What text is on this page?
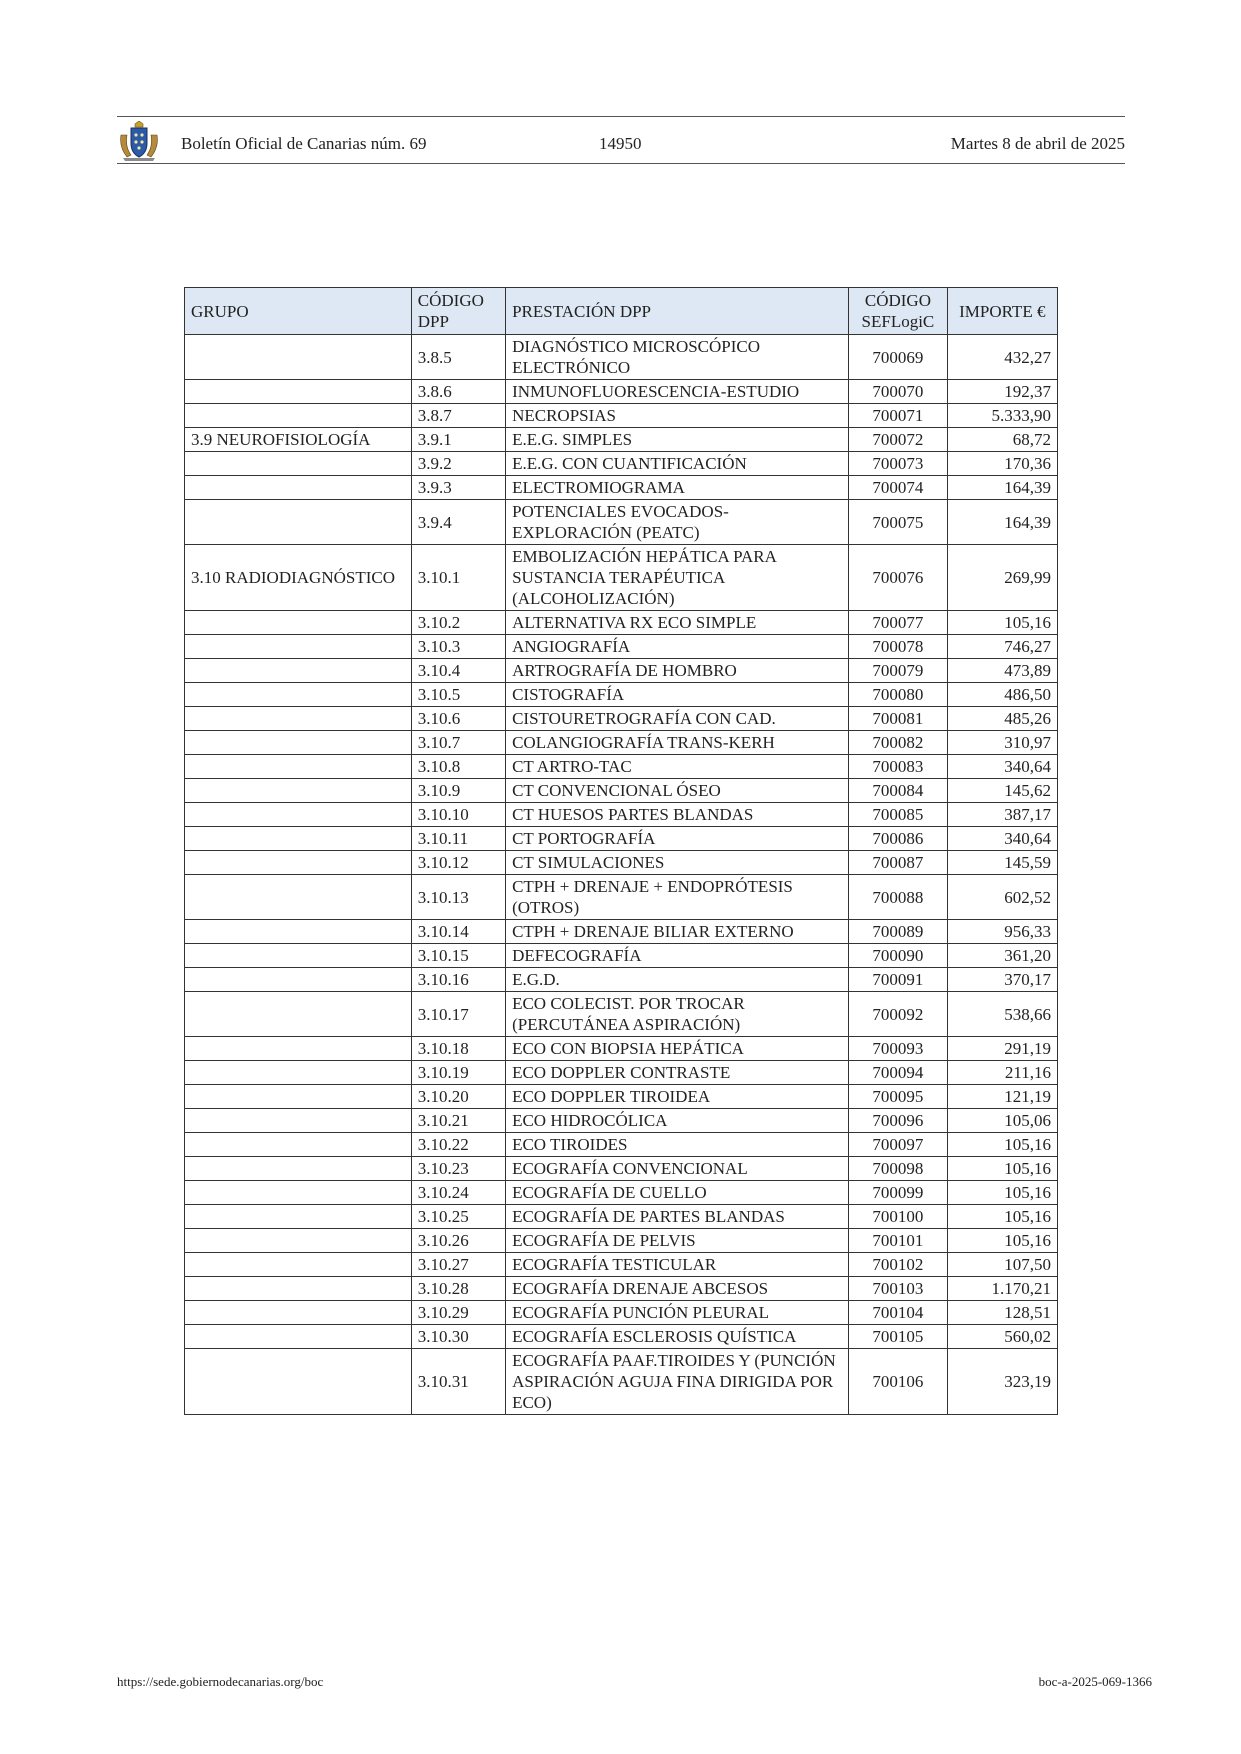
Boletín Oficial de Canarias núm. 69	14950	Martes 8 de abril de 2025
GRUPO	CÓDIGO DPP	PRESTACIÓN DPP	CÓDIGO SEFLogiC	IMPORTE €
	3.8.5	DIAGNÓSTICO MICROSCÓPICO ELECTRÓNICO	700069	432,27
	3.8.6	INMUNOFLUORESCENCIA-ESTUDIO	700070	192,37
	3.8.7	NECROPSIAS	700071	5.333,90
3.9 NEUROFISIOLOGÍA	3.9.1	E.E.G. SIMPLES	700072	68,72
	3.9.2	E.E.G. CON CUANTIFICACIÓN	700073	170,36
	3.9.3	ELECTROMIOGRAMA	700074	164,39
	3.9.4	POTENCIALES EVOCADOS-EXPLORACIÓN (PEATC)	700075	164,39
3.10 RADIODIAGNÓSTICO	3.10.1	EMBOLIZACIÓN HEPÁTICA PARA SUSTANCIA TERAPÉUTICA (ALCOHOLIZACIÓN)	700076	269,99
	3.10.2	ALTERNATIVA RX ECO SIMPLE	700077	105,16
	3.10.3	ANGIOGRAFÍA	700078	746,27
	3.10.4	ARTROGRAFÍA DE HOMBRO	700079	473,89
	3.10.5	CISTOGRAFÍA	700080	486,50
	3.10.6	CISTOURETROGRAFÍA CON CAD.	700081	485,26
	3.10.7	COLANGIOGRAFÍA TRANS-KERH	700082	310,97
	3.10.8	CT ARTRO-TAC	700083	340,64
	3.10.9	CT CONVENCIONAL ÓSEO	700084	145,62
	3.10.10	CT HUESOS PARTES BLANDAS	700085	387,17
	3.10.11	CT PORTOGRAFÍA	700086	340,64
	3.10.12	CT SIMULACIONES	700087	145,59
	3.10.13	CTPH + DRENAJE + ENDOPRÓTESIS (OTROS)	700088	602,52
	3.10.14	CTPH + DRENAJE BILIAR EXTERNO	700089	956,33
	3.10.15	DEFECOGRAFÍA	700090	361,20
	3.10.16	E.G.D.	700091	370,17
	3.10.17	ECO COLECIST. POR TROCAR (PERCUTÁNEA ASPIRACIÓN)	700092	538,66
	3.10.18	ECO CON BIOPSIA HEPÁTICA	700093	291,19
	3.10.19	ECO DOPPLER CONTRASTE	700094	211,16
	3.10.20	ECO DOPPLER TIROIDEA	700095	121,19
	3.10.21	ECO HIDROCÓLICA	700096	105,06
	3.10.22	ECO TIROIDES	700097	105,16
	3.10.23	ECOGRAFÍA CONVENCIONAL	700098	105,16
	3.10.24	ECOGRAFÍA DE CUELLO	700099	105,16
	3.10.25	ECOGRAFÍA DE PARTES BLANDAS	700100	105,16
	3.10.26	ECOGRAFÍA DE PELVIS	700101	105,16
	3.10.27	ECOGRAFÍA TESTICULAR	700102	107,50
	3.10.28	ECOGRAFÍA DRENAJE ABCESOS	700103	1.170,21
	3.10.29	ECOGRAFÍA PUNCIÓN PLEURAL	700104	128,51
	3.10.30	ECOGRAFÍA ESCLEROSIS QUÍSTICA	700105	560,02
	3.10.31	ECOGRAFÍA PAAF.TIROIDES Y (PUNCIÓN ASPIRACIÓN AGUJA FINA DIRIGIDA POR ECO)	700106	323,19
https://sede.gobiernodecanarias.org/boc	boc-a-2025-069-1366
